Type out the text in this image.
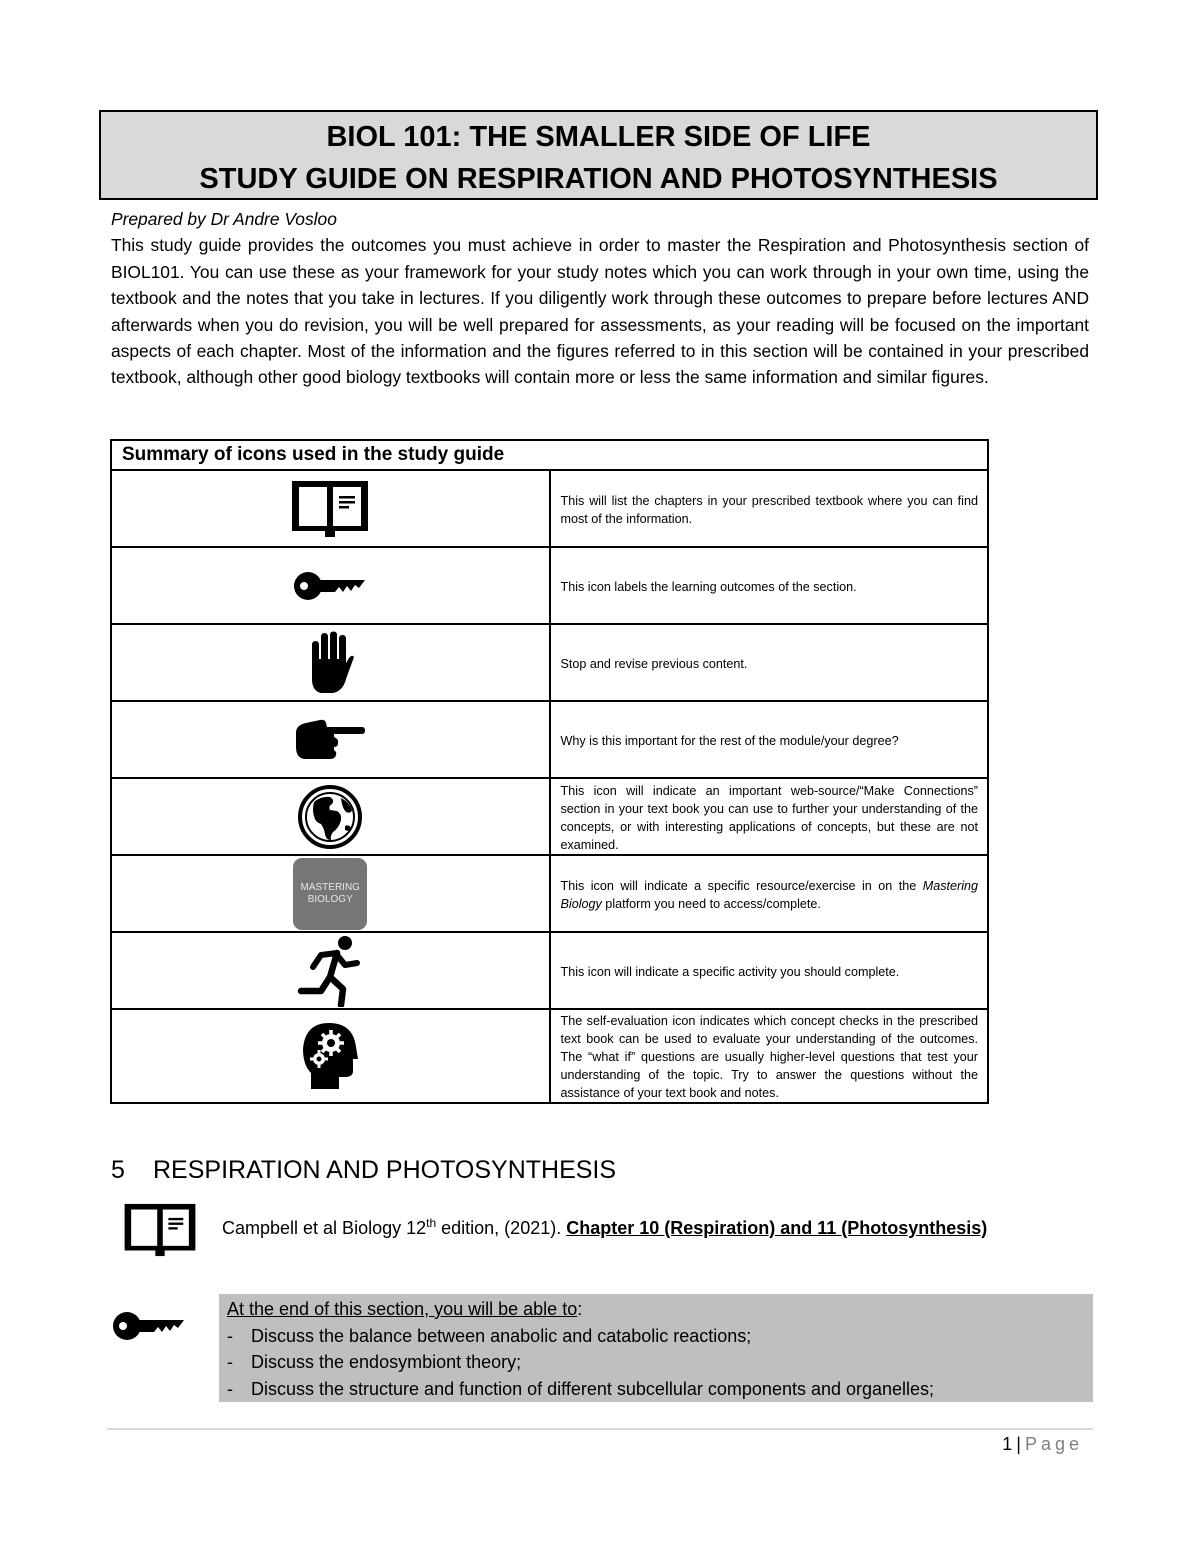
BIOL 101: THE SMALLER SIDE OF LIFE
STUDY GUIDE ON RESPIRATION AND PHOTOSYNTHESIS
Prepared by Dr Andre Vosloo
This study guide provides the outcomes you must achieve in order to master the Respiration and Photosynthesis section of BIOL101. You can use these as your framework for your study notes which you can work through in your own time, using the textbook and the notes that you take in lectures. If you diligently work through these outcomes to prepare before lectures AND afterwards when you do revision, you will be well prepared for assessments, as your reading will be focused on the important aspects of each chapter. Most of the information and the figures referred to in this section will be contained in your prescribed textbook, although other good biology textbooks will contain more or less the same information and similar figures.
Summary of icons used in the study guide	

	This will list the chapters in your prescribed textbook where you can find most of the information.

	This icon labels the learning outcomes of the section.

	Stop and revise previous content.

	Why is this important for the rest of the module/your degree?

	This icon will indicate an important web-source/“Make Connections” section in your text book you can use to further your understanding of the concepts, or with interesting applications of concepts, but these are not examined.

MASTERING
BIOLOGY	This icon will indicate a specific resource/exercise in on the Mastering Biology platform you need to access/complete.

	This icon will indicate a specific activity you should complete.

	The self-evaluation icon indicates which concept checks in the prescribed text book can be used to evaluate your understanding of the outcomes. The “what if” questions are usually higher-level questions that test your understanding of the topic. Try to answer the questions without the assistance of your text book and notes.
5 RESPIRATION AND PHOTOSYNTHESIS
Campbell et al Biology 12th edition, (2021). Chapter 10 (Respiration) and 11 (Photosynthesis)
At the end of this section, you will be able to:
- Discuss the balance between anabolic and catabolic reactions;
- Discuss the endosymbiont theory;
- Discuss the structure and function of different subcellular components and organelles;
1 | Page
